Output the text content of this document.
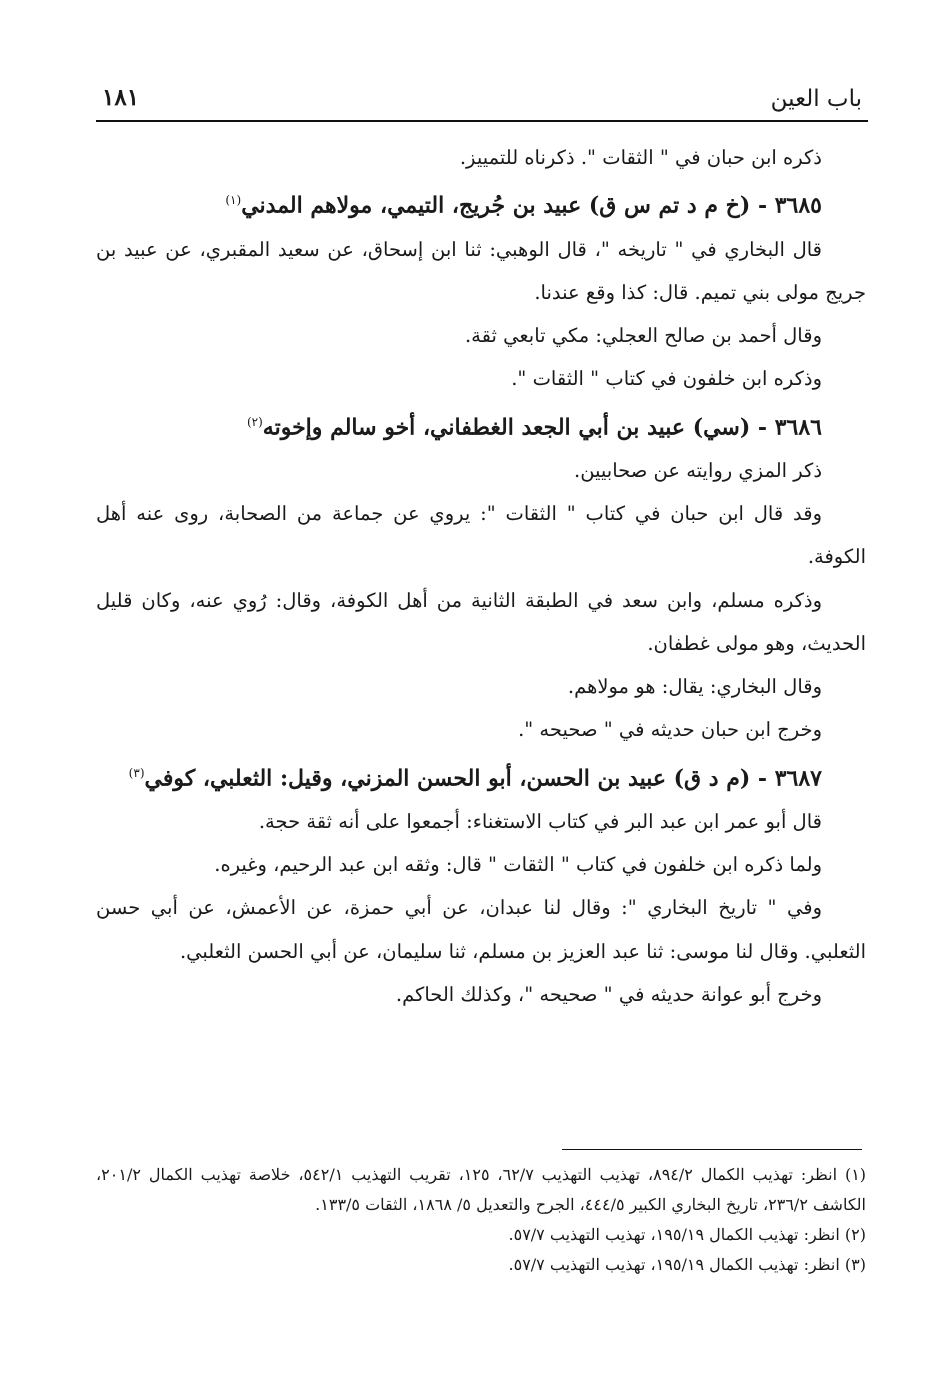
باب العين
١٨١

ذكره ابن حبان في " الثقات ". ذكرناه للتمييز.

٣٦٨٥ - (خ م د تم س ق) عبيد بن جُريج، التيمي، مولاهم المدني$^{(١)}$

قال البخاري في " تاريخه "، قال الوهبي: ثنا ابن إسحاق، عن سعيد المقبري، عن عبيد بن جريج مولى بني تميم. قال: كذا وقع عندنا.

وقال أحمد بن صالح العجلي: مكي تابعي ثقة.

وذكره ابن خلفون في كتاب " الثقات ".

٣٦٨٦ - (سي) عبيد بن أبي الجعد الغطفاني، أخو سالم وإخوته$^{(٢)}$

ذكر المزي روايته عن صحابيين.

وقد قال ابن حبان في كتاب " الثقات ": يروي عن جماعة من الصحابة، روى عنه أهل الكوفة.

وذكره مسلم، وابن سعد في الطبقة الثانية من أهل الكوفة، وقال: رُوي عنه، وكان قليل الحديث، وهو مولى غطفان.

وقال البخاري: يقال: هو مولاهم.

وخرج ابن حبان حديثه في " صحيحه ".

٣٦٨٧ - (م د ق) عبيد بن الحسن، أبو الحسن المزني، وقيل: الثعلبي، كوفي$^{(٣)}$

قال أبو عمر ابن عبد البر في كتاب الاستغناء: أجمعوا على أنه ثقة حجة.

ولما ذكره ابن خلفون في كتاب " الثقات " قال: وثقه ابن عبد الرحيم، وغيره.

وفي " تاريخ البخاري ": وقال لنا عبدان، عن أبي حمزة، عن الأعمش، عن أبي حسن الثعلبي. وقال لنا موسى: ثنا عبد العزيز بن مسلم، ثنا سليمان، عن أبي الحسن الثعلبي.

وخرج أبو عوانة حديثه في " صحيحه "، وكذلك الحاكم.

(١) انظر: تهذيب الكمال ٨٩٤/٢، تهذيب التهذيب ٦٢/٧، ١٢٥، تقريب التهذيب ٥٤٢/١، خلاصة تهذيب الكمال ٢٠١/٢، الكاشف ٢٣٦/٢، تاريخ البخاري الكبير ٤٤٤/٥، الجرح والتعديل ٥/ ١٨٦٨، الثقات ١٣٣/٥.

(٢) انظر: تهذيب الكمال ١٩٥/١٩، تهذيب التهذيب ٥٧/٧.

(٣) انظر: تهذيب الكمال ١٩٥/١٩، تهذيب التهذيب ٥٧/٧.
